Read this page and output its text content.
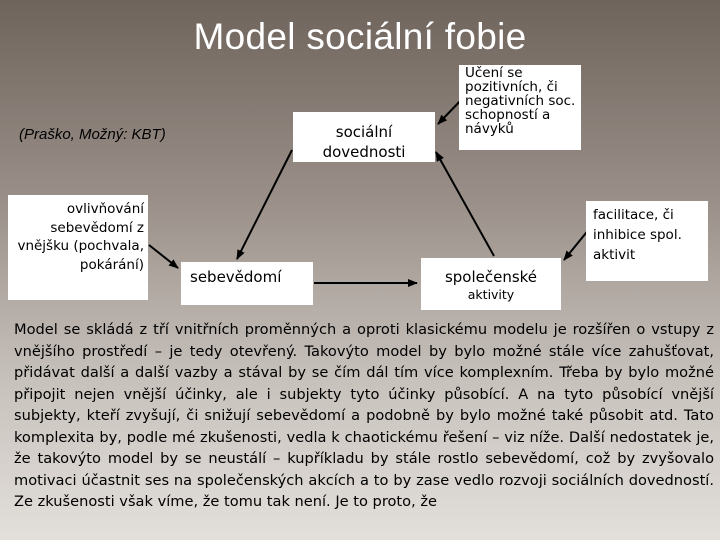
Model sociální fobie
(Praško, Možný: KBT)	sociální dovednosti
Učení se pozitivních, či negativních soc. schopností a návyků
ovlivňování sebevědomí z vnějšku (pochvala, pokárání)
sebevědomí
facilitace, či inhibice spol. aktivit
společenské
aktivity
Model se skládá z tří vnitřních proměnných a oproti klasickému modelu je rozšířen o vstupy z vnějšího prostředí – je tedy otevřený. Takovýto model by bylo možné stále více zahušťovat, přidávat další a další vazby a stával by se čím dál tím více komplexním. Třeba by bylo možné připojit nejen vnější účinky, ale i subjekty tyto účinky působící. A na tyto působící vnější subjekty, kteří zvyšují, či snižují sebevědomí a podobně by bylo možné také působit atd. Tato komplexita by, podle mé zkušenosti, vedla k chaotickému řešení – viz níže. Další nedostatek je, že takovýto model by se neustálí – kupříkladu by stále rostlo sebevědomí, což by zvyšovalo motivaci účastnit ses na společenských akcích a to by zase vedlo rozvoji sociálních dovedností. Ze zkušenosti však víme, že tomu tak není. Je to proto, že
